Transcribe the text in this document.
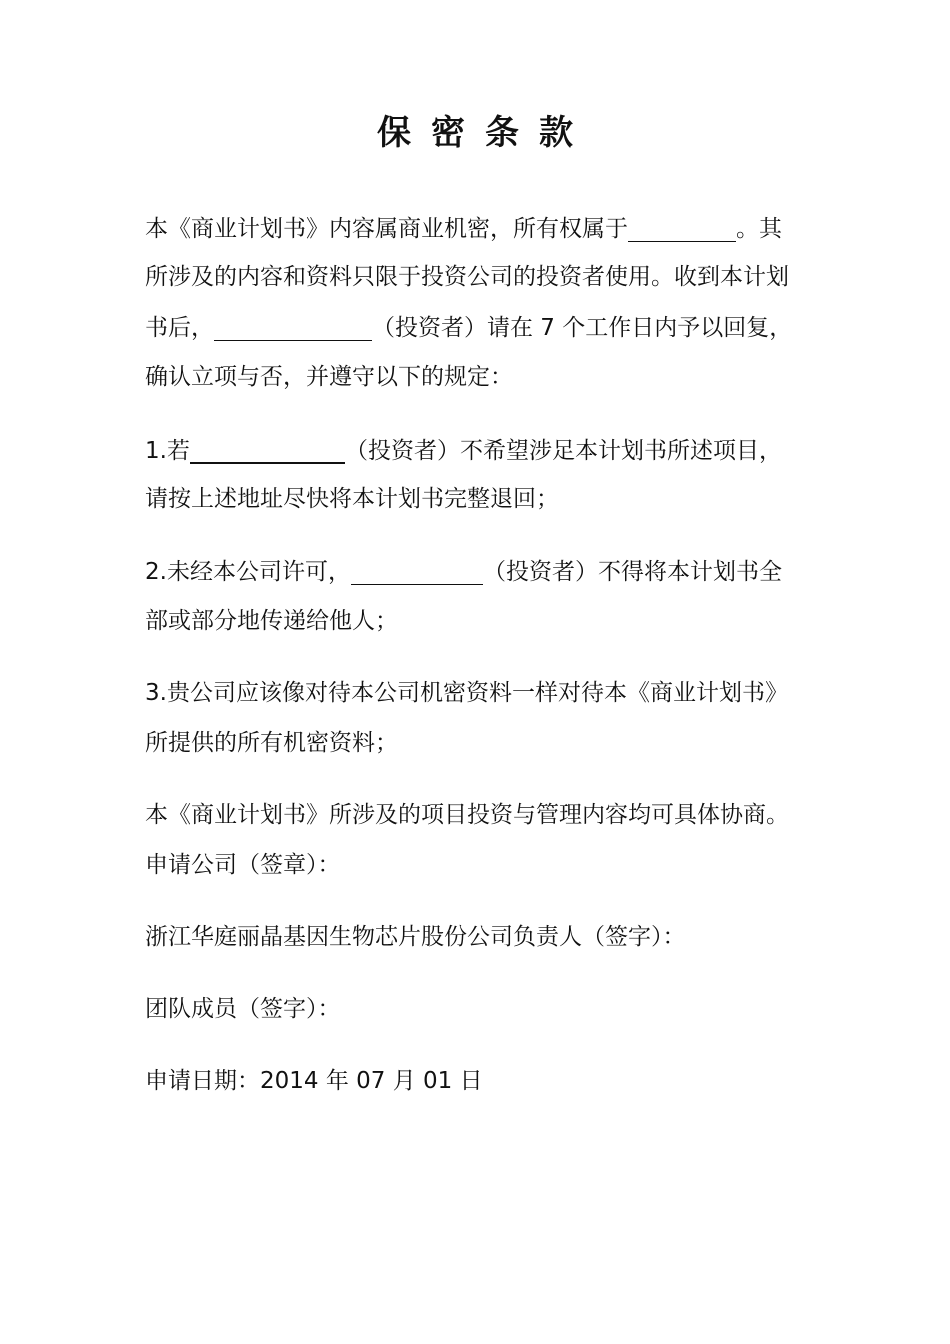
保密条款
本《商业计划书》内容属商业机密，所有权属于	。其
所涉及的内容和资料只限于投资公司的投资者使用。收到本计划
书后，	（投资者）请在 7 个工作日内予以回复，
确认立项与否，并遵守以下的规定：
1.若	（投资者）不希望涉足本计划书所述项目，
请按上述地址尽快将本计划书完整退回；
2.未经本公司许可，	（投资者）不得将本计划书全
部或部分地传递给他人；
3.贵公司应该像对待本公司机密资料一样对待本《商业计划书》
所提供的所有机密资料；
本《商业计划书》所涉及的项目投资与管理内容均可具体协商。
申请公司（签章）：
浙江华庭丽晶基因生物芯片股份公司负责人（签字）：
团队成员（签字）：
申请日期：2014 年 07 月 01 日
